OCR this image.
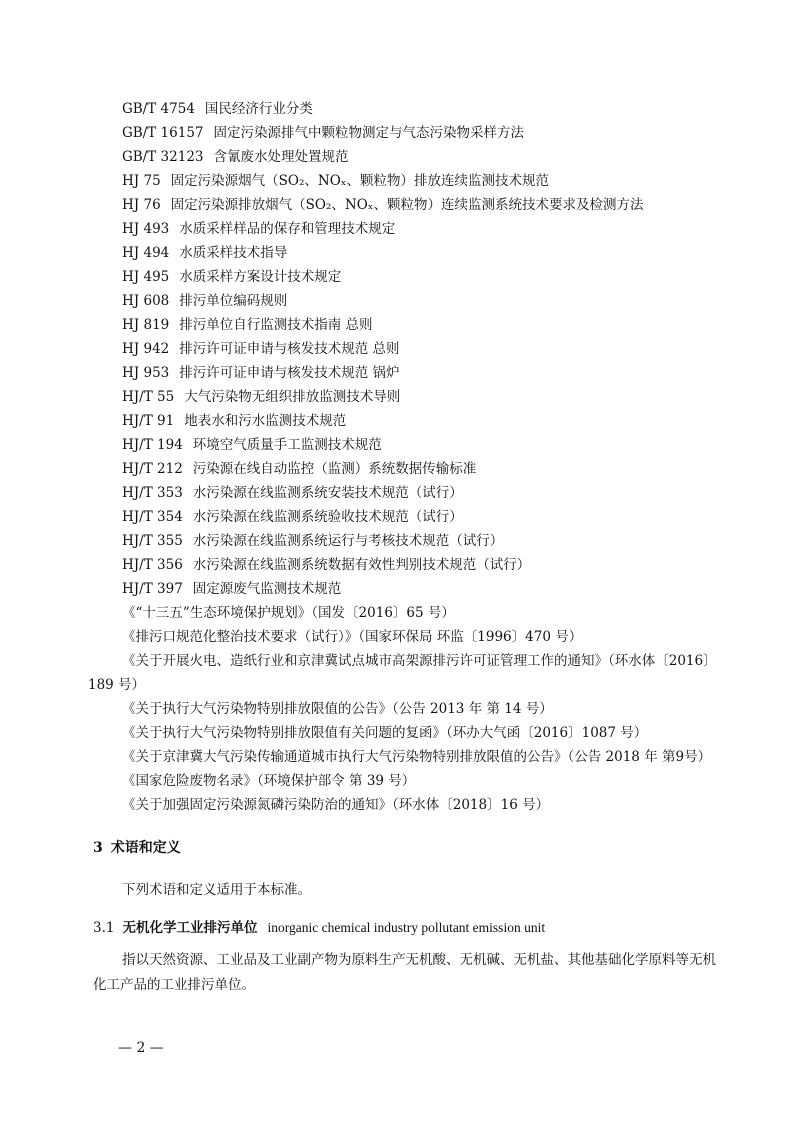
GB/T 4754 国民经济行业分类
GB/T 16157 固定污染源排气中颗粒物测定与气态污染物采样方法
GB/T 32123 含氰废水处理处置规范
HJ 75 固定污染源烟气（SO₂、NOₓ、颗粒物）排放连续监测技术规范
HJ 76 固定污染源排放烟气（SO₂、NOₓ、颗粒物）连续监测系统技术要求及检测方法
HJ 493 水质采样样品的保存和管理技术规定
HJ 494 水质采样技术指导
HJ 495 水质采样方案设计技术规定
HJ 608 排污单位编码规则
HJ 819 排污单位自行监测技术指南 总则
HJ 942 排污许可证申请与核发技术规范 总则
HJ 953 排污许可证申请与核发技术规范 锅炉
HJ/T 55 大气污染物无组织排放监测技术导则
HJ/T 91 地表水和污水监测技术规范
HJ/T 194 环境空气质量手工监测技术规范
HJ/T 212 污染源在线自动监控（监测）系统数据传输标准
HJ/T 353 水污染源在线监测系统安装技术规范（试行）
HJ/T 354 水污染源在线监测系统验收技术规范（试行）
HJ/T 355 水污染源在线监测系统运行与考核技术规范（试行）
HJ/T 356 水污染源在线监测系统数据有效性判别技术规范（试行）
HJ/T 397 固定源废气监测技术规范
《“十三五”生态环境保护规划》（国发〔2016〕65 号）
《排污口规范化整治技术要求（试行）》（国家环保局 环监〔1996〕470 号）
《关于开展火电、造纸行业和京津冀试点城市高架源排污许可证管理工作的通知》（环水体〔2016〕
189 号）
《关于执行大气污染物特别排放限值的公告》（公告 2013 年 第 14 号）
《关于执行大气污染物特别排放限值有关问题的复函》（环办大气函〔2016〕1087 号）
《关于京津冀大气污染传输通道城市执行大气污染物特别排放限值的公告》（公告 2018 年 第9号）
《国家危险废物名录》（环境保护部令 第 39 号）
《关于加强固定污染源氮磷污染防治的通知》（环水体〔2018〕16 号）
3 术语和定义
下列术语和定义适用于本标准。
3.1 无机化学工业排污单位 inorganic chemical industry pollutant emission unit
指以天然资源、工业品及工业副产物为原料生产无机酸、无机碱、无机盐、其他基础化学原料等无机化工产品的工业排污单位。
— 2 —
